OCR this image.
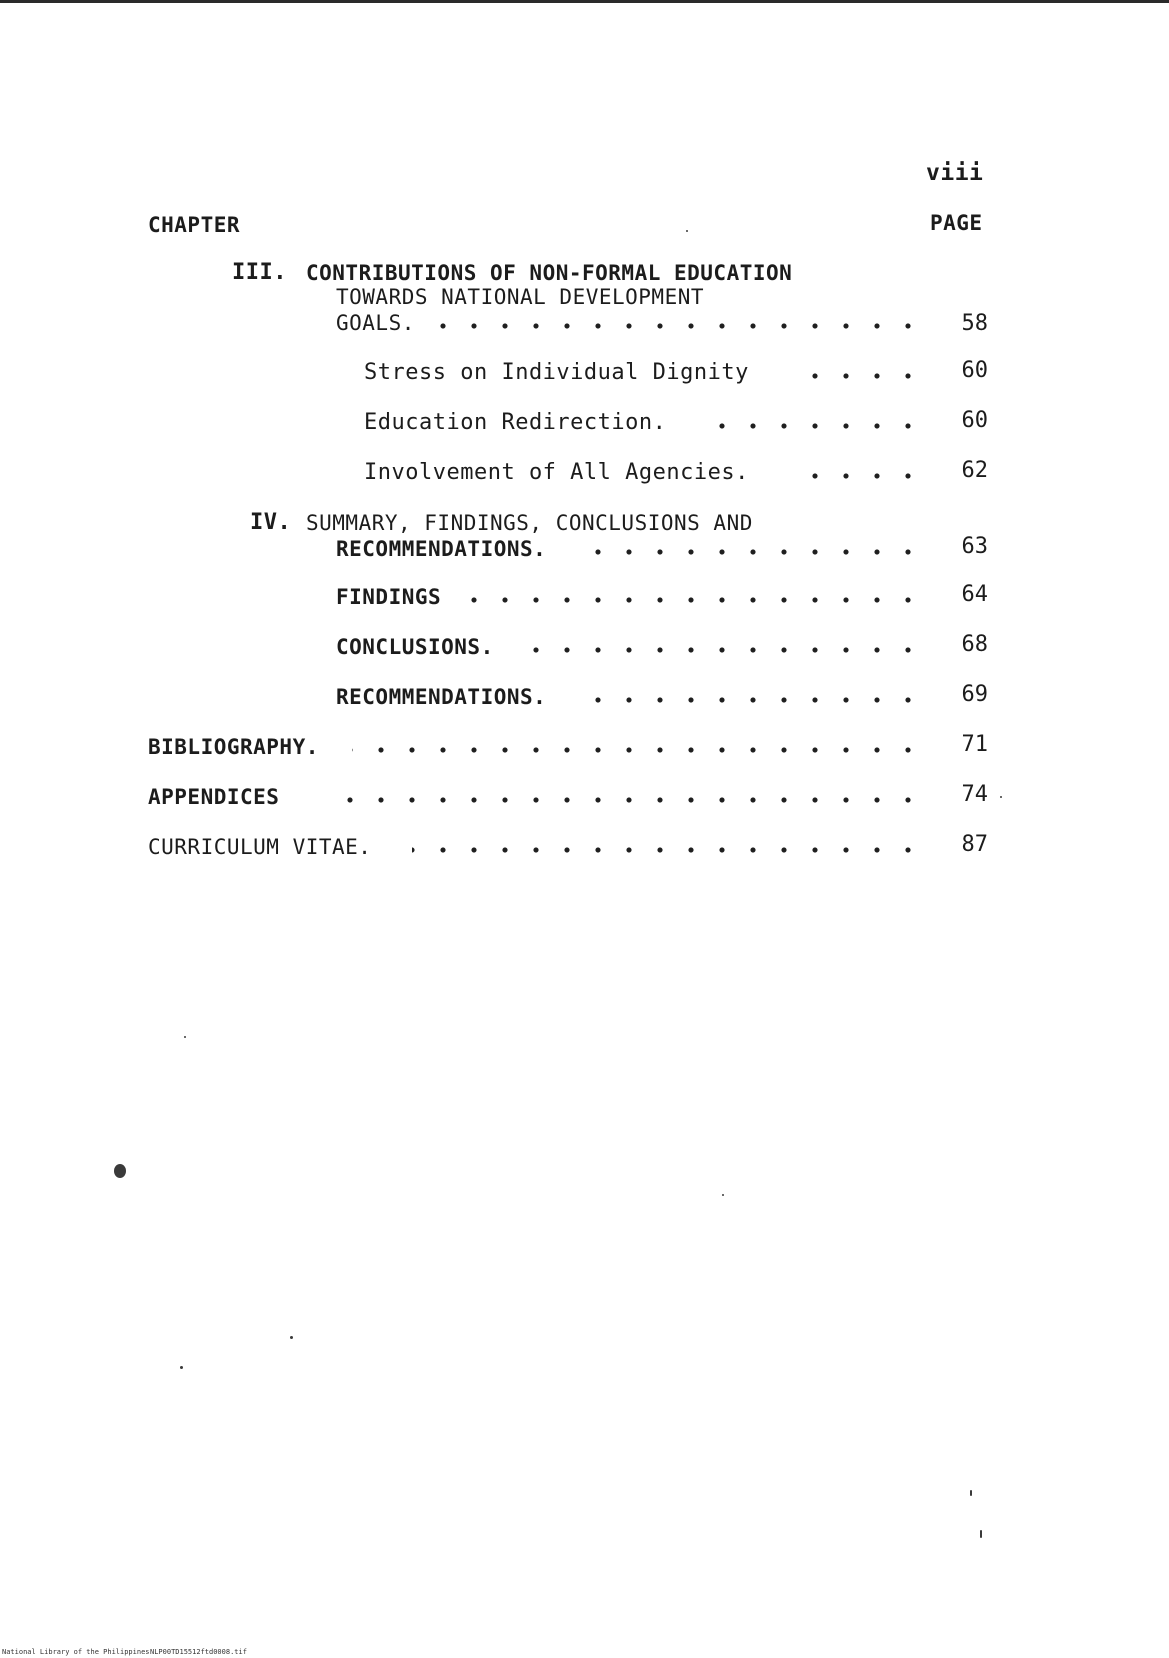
viii
CHAPTER	PAGE
III. CONTRIBUTIONS OF NON-FORMAL EDUCATION
TOWARDS NATIONAL DEVELOPMENT
GOALS.	58
Stress on Individual Dignity	60
Education Redirection.	60
Involvement of All Agencies.	62
IV. SUMMARY, FINDINGS, CONCLUSIONS AND
RECOMMENDATIONS.	63
FINDINGS	64
CONCLUSIONS.	68
RECOMMENDATIONS.	69
BIBLIOGRAPHY.	71
APPENDICES	74
CURRICULUM VITAE.	87
National Library of the Philippines NLP00TD15512ftd0008.tif
